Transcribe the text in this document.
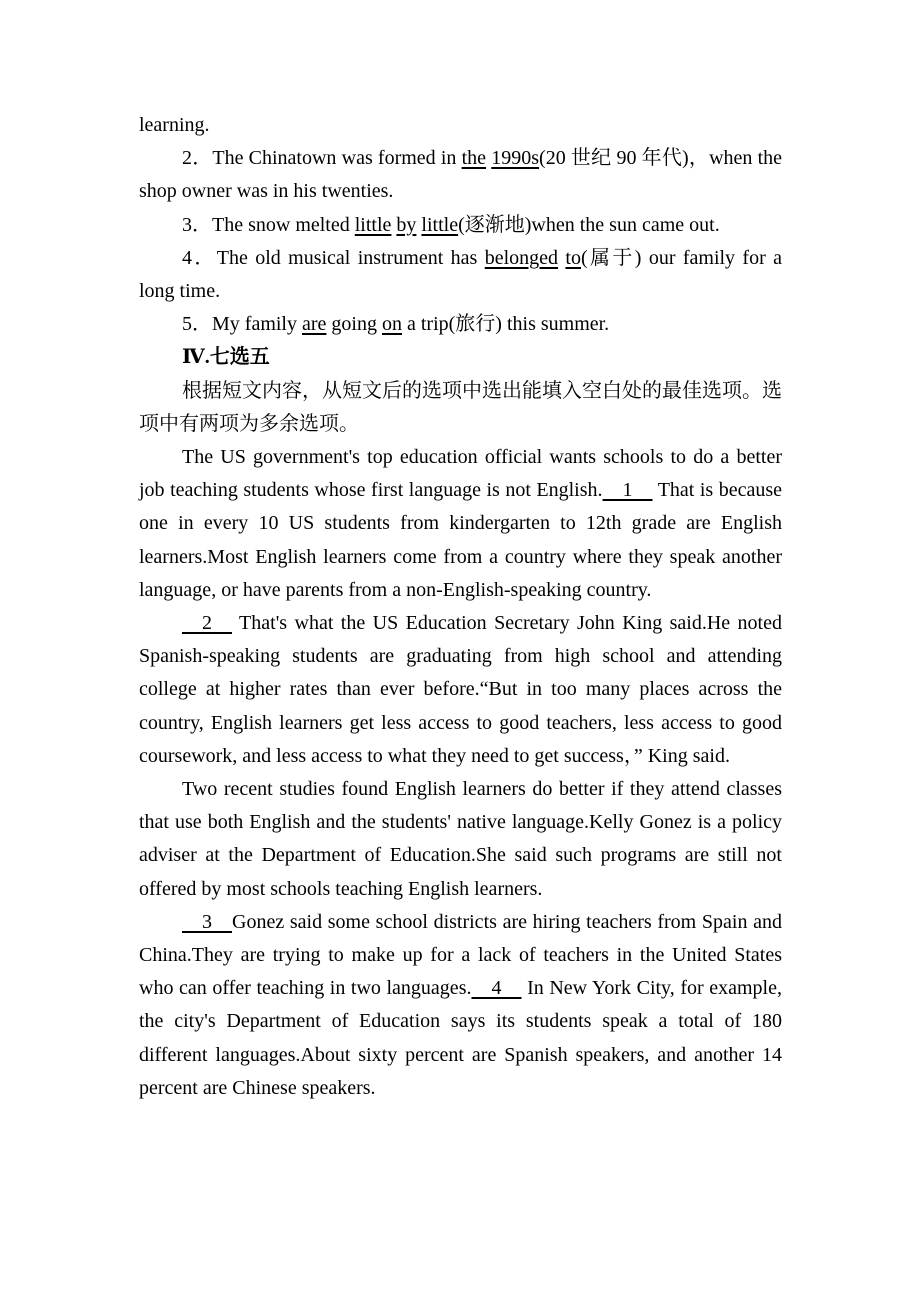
learning.

2．The Chinatown was formed in the 1990s(20 世纪 90 年代)，when the shop owner was in his twenties.

3．The snow melted little by little(逐渐地)when the sun came out.

4．The old musical instrument has belonged to(属于) our family for a long time.

5．My family are going on a trip(旅行) this summer.

Ⅳ.七选五

根据短文内容，从短文后的选项中选出能填入空白处的最佳选项。选项中有两项为多余选项。

The US government's top education official wants schools to do a better job teaching students whose first language is not English.  1   That is because one in every 10 US students from kindergarten to 12th grade are English learners.Most English learners come from a country where they speak another language, or have parents from a non-English-speaking country.

  2   That's what the US Education Secretary John King said.He noted Spanish-speaking students are graduating from high school and attending college at higher rates than ever before.“But in too many places across the country, English learners get less access to good teachers, less access to good coursework, and less access to what they need to get success，” King said.

Two recent studies found English learners do better if they attend classes that use both English and the students' native language.Kelly Gonez is a policy adviser at the Department of Education.She said such programs are still not offered by most schools teaching English learners.

  3  Gonez said some school districts are hiring teachers from Spain and China.They are trying to make up for a lack of teachers in the United States who can offer teaching in two languages.  4   In New York City, for example, the city's Department of Education says its students speak a total of 180 different languages.About sixty percent are Spanish speakers, and another 14 percent are Chinese speakers.
